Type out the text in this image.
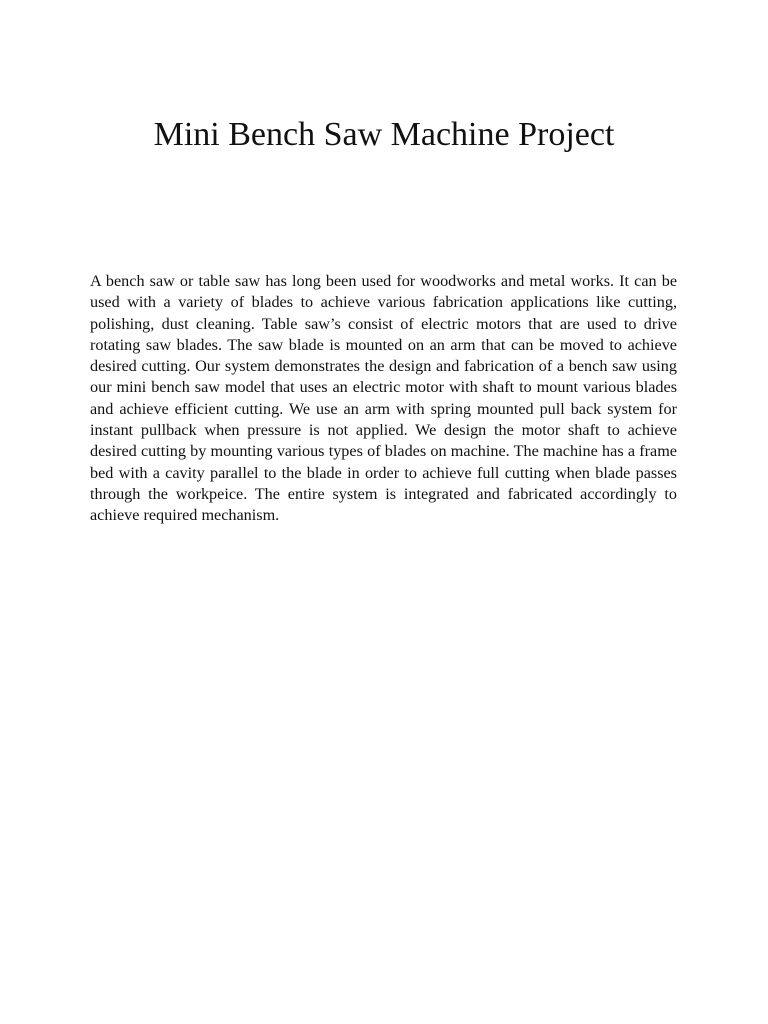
Mini Bench Saw Machine Project

A bench saw or table saw has long been used for woodworks and metal works. It can be used with a variety of blades to achieve various fabrication applications like cutting, polishing, dust cleaning. Table saw’s consist of electric motors that are used to drive rotating saw blades. The saw blade is mounted on an arm that can be moved to achieve desired cutting. Our system demonstrates the design and fabrication of a bench saw using our mini bench saw model that uses an electric motor with shaft to mount various blades and achieve efficient cutting. We use an arm with spring mounted pull back system for instant pullback when pressure is not applied. We design the motor shaft to achieve desired cutting by mounting various types of blades on machine. The machine has a frame bed with a cavity parallel to the blade in order to achieve full cutting when blade passes through the workpeice. The entire system is integrated and fabricated accordingly to achieve required mechanism.
